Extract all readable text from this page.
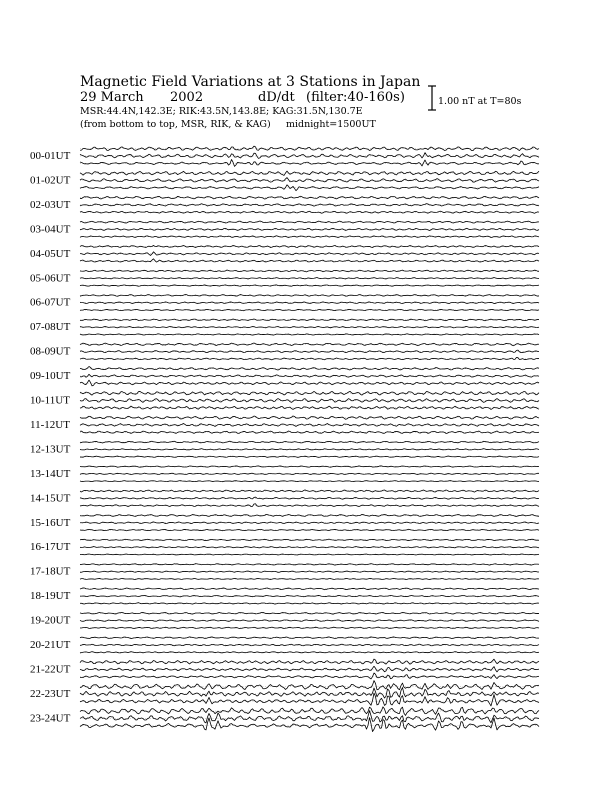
Magnetic Field Variations at 3 Stations in Japan
29 March 2002	dD/dt (filter:40-160s)
MSR:44.4N,142.3E; RIK:43.5N,143.8E; KAG:31.5N,130.7E
(from bottom to top, MSR, RIK, & KAG) midnight=1500UT
1.00 nT at T=80s
00-01UT
01-02UT
02-03UT
03-04UT
04-05UT
05-06UT
06-07UT
07-08UT
08-09UT
09-10UT
10-11UT
11-12UT
12-13UT
13-14UT
14-15UT
15-16UT
16-17UT
17-18UT
18-19UT
19-20UT
20-21UT
21-22UT
22-23UT
23-24UT
